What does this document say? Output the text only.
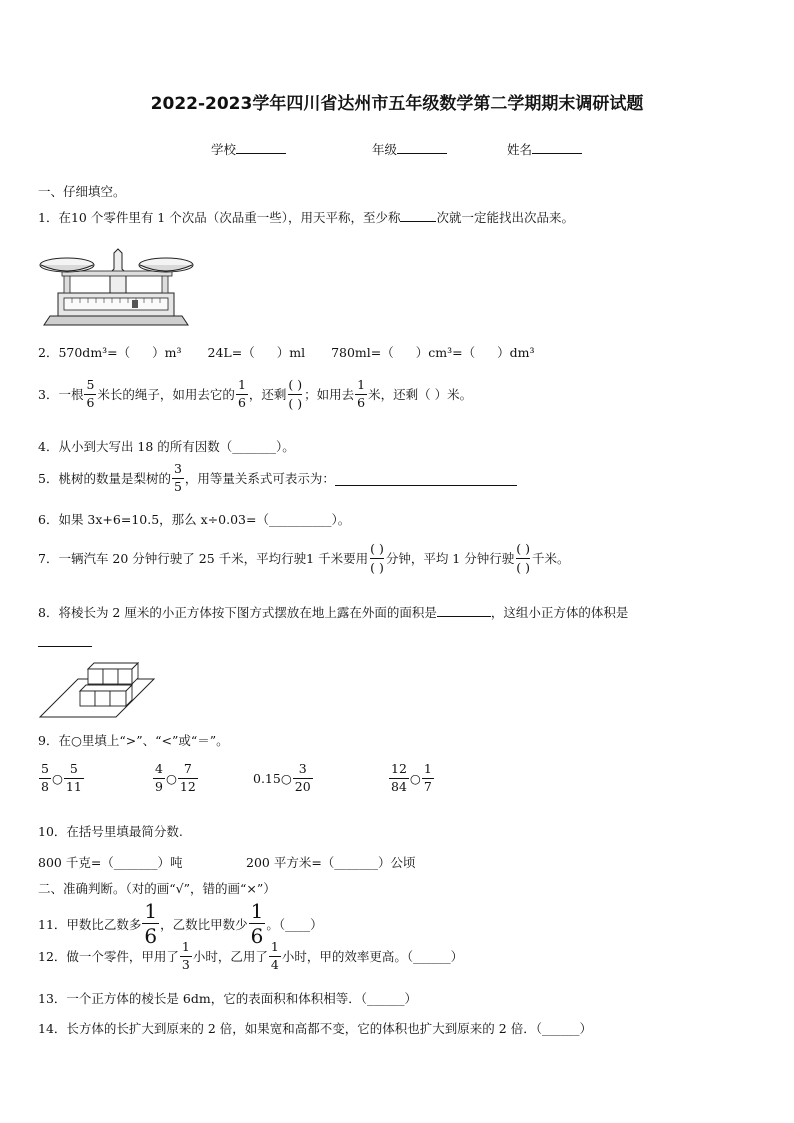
2022-2023学年四川省达州市五年级数学第二学期期末调研试题
学校	年级	姓名
一、仔细填空。
1．在10 个零件里有 1 个次品（次品重一些），用天平称，至少称	次就一定能找出次品来。
2．570dm³=（ ）m³ 24L=（ ）ml 780ml=（ ）cm³=（ ）dm³
3．一根 $\frac{5}{6}$ 米长的绳子，如用去它的 $\frac{1}{6}$ ，还剩
( )
( )
；如用去 $\frac{1}{6}$ 米，还剩（ ）米。
4．从小到大写出 18 的所有因数（_______）。
5．桃树的数量是梨树的 $\frac{3}{5}$ ，用等量关系式可表示为：
6．如果 3x+6=10.5，那么 x÷0.03=（__________）。
7．一辆汽车 20 分钟行驶了 25 千米，平均行驶1 千米要用
( )
( )
分钟，平均 1 分钟行驶
( )
( )
千米。
8．将棱长为 2 厘米的小正方体按下图方式摆放在地上露在外面的面积是	，这组小正方体的体积是
9．在○里填上“>”、“<”或“＝”。
$\frac{5}{8}$ ○ $\frac{5}{11}$	$\frac{4}{9}$ ○ $\frac{7}{12}$	0.15○ $\frac{3}{20}$	$\frac{12}{84}$ ○ $\frac{1}{7}$
10．在括号里填最简分数.
800 千克=（_______）吨	200 平方米=（_______）公顷
二、准确判断。（对的画“√”，错的画“×”）
11．甲数比乙数多 $\frac{1}{6}$ ，乙数比甲数少 $\frac{1}{6}$ 。（____）
12．做一个零件，甲用了 $\frac{1}{3}$ 小时，乙用了 $\frac{1}{4}$ 小时，甲的效率更高。（______）
13．一个正方体的棱长是 6dm，它的表面积和体积相等．（______）
14．长方体的长扩大到原来的 2 倍，如果宽和高都不变，它的体积也扩大到原来的 2 倍．（______）
